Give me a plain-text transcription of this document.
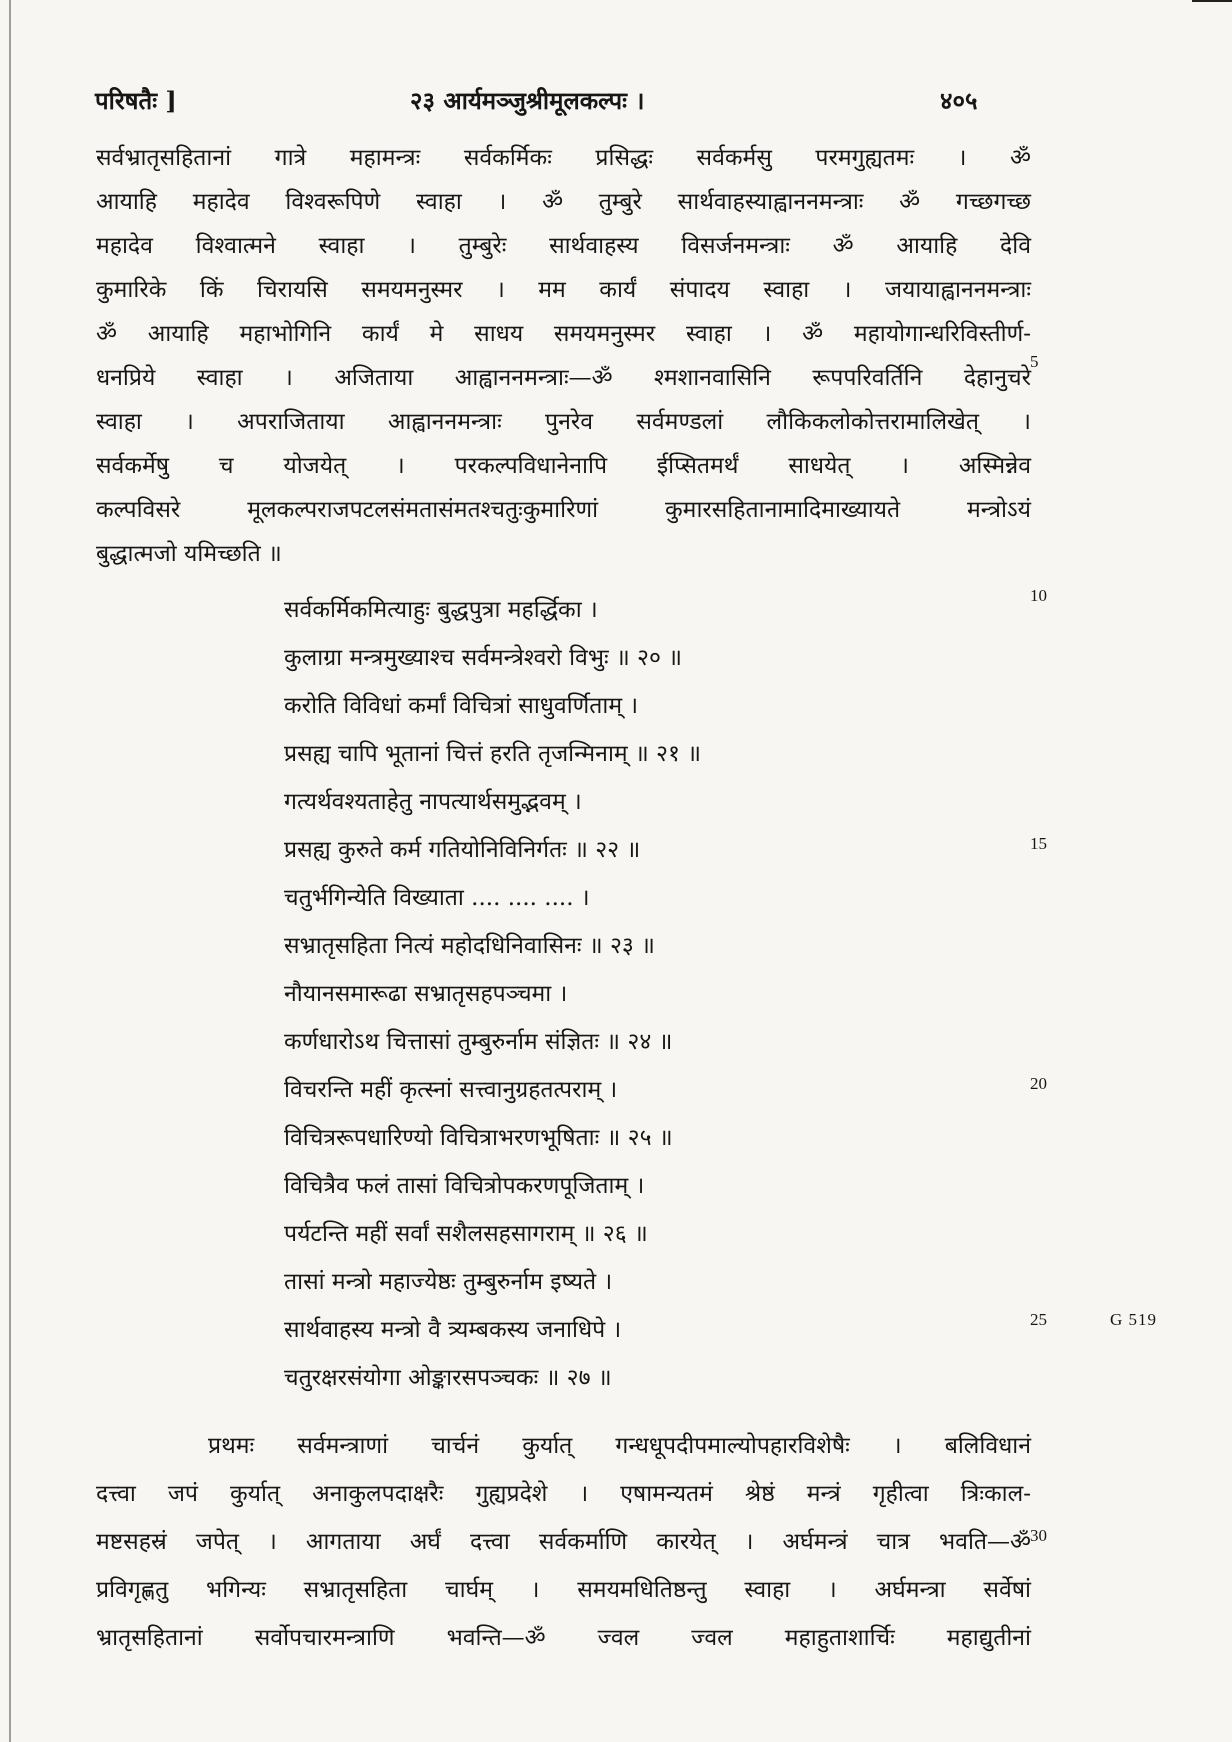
परिषतैः ]	२३ आर्यमञ्जुश्रीमूलकल्पः ।	४०५
सर्वभ्रातृसहितानां गात्रे महामन्त्रः सर्वकर्मिकः प्रसिद्धः सर्वकर्मसु परमगुह्यतमः । ॐ
आयाहि महादेव विश्वरूपिणे स्वाहा । ॐ तुम्बुरे सार्थवाहस्याह्वाननमन्त्राः ॐ गच्छगच्छ
महादेव विश्वात्मने स्वाहा । तुम्बुरेः सार्थवाहस्य विसर्जनमन्त्राः ॐ आयाहि देवि
कुमारिके किं चिरायसि समयमनुस्मर । मम कार्यं संपादय स्वाहा । जयायाह्वाननमन्त्राः
ॐ आयाहि महाभोगिनि कार्यं मे साधय समयमनुस्मर स्वाहा । ॐ महायोगान्धरिविस्तीर्ण-
धनप्रिये स्वाहा । अजिताया आह्वाननमन्त्राः—ॐ श्मशानवासिनि रूपपरिवर्तिनि देहानुचरे
स्वाहा । अपराजिताया आह्वाननमन्त्राः पुनरेव सर्वमण्डलां लौकिकलोकोत्तरामालिखेत् ।
सर्वकर्मेषु च योजयेत् । परकल्पविधानेनापि ईप्सितमर्थं साधयेत् । अस्मिन्नेव
कल्पविसरे मूलकल्पराजपटलसंमतासंमतश्चतुःकुमारिणां कुमारसहितानामादिमाख्यायते मन्त्रोऽयं
बुद्धात्मजो यमिच्छति ॥
सर्वकर्मिकमित्याहुः बुद्धपुत्रा महर्द्धिका ।
कुलाग्रा मन्त्रमुख्याश्च सर्वमन्त्रेश्वरो विभुः ॥ २० ॥
करोति विविधां कर्मां विचित्रां साधुवर्णिताम् ।
प्रसह्य चापि भूतानां चित्तं हरति तृजन्मिनाम् ॥ २१ ॥
गत्यर्थवश्यताहेतु नापत्यार्थसमुद्भवम् ।
प्रसह्य कुरुते कर्म गतियोनिविनिर्गतः ॥ २२ ॥
चतुर्भगिन्येति विख्याता .... .... .... ।
सभ्रातृसहिता नित्यं महोदधिनिवासिनः ॥ २३ ॥
नौयानसमारूढा सभ्रातृसहपञ्चमा ।
कर्णधारोऽथ चित्तासां तुम्बुरुर्नाम संज्ञितः ॥ २४ ॥
विचरन्ति महीं कृत्स्नां सत्त्वानुग्रहतत्पराम् ।
विचित्ररूपधारिण्यो विचित्राभरणभूषिताः ॥ २५ ॥
विचित्रैव फलं तासां विचित्रोपकरणपूजिताम् ।
पर्यटन्ति महीं सर्वां सशैलसहसागराम् ॥ २६ ॥
तासां मन्त्रो महाज्येष्ठः तुम्बुरुर्नाम इष्यते ।
सार्थवाहस्य मन्त्रो वै त्र्यम्बकस्य जनाधिपे ।
चतुरक्षरसंयोगा ओङ्कारसपञ्चकः ॥ २७ ॥
प्रथमः सर्वमन्त्राणां चार्चनं कुर्यात् गन्धधूपदीपमाल्योपहारविशेषैः । बलिविधानं
दत्त्वा जपं कुर्यात् अनाकुलपदाक्षरैः गुह्यप्रदेशे । एषामन्यतमं श्रेष्ठं मन्त्रं गृहीत्वा त्रिःकाल-
मष्टसहस्रं जपेत् । आगताया अर्घं दत्त्वा सर्वकर्माणि कारयेत् । अर्घमन्त्रं चात्र भवति—ॐ
प्रविगृह्णतु भगिन्यः सभ्रातृसहिता चार्घम् । समयमधितिष्ठन्तु स्वाहा । अर्घमन्त्रा सर्वेषां
भ्रातृसहितानां सर्वोपचारमन्त्राणि भवन्ति—ॐ ज्वल ज्वल महाहुताशार्चिः महाद्युतीनां
5
10
15
20
25
30
G 519
